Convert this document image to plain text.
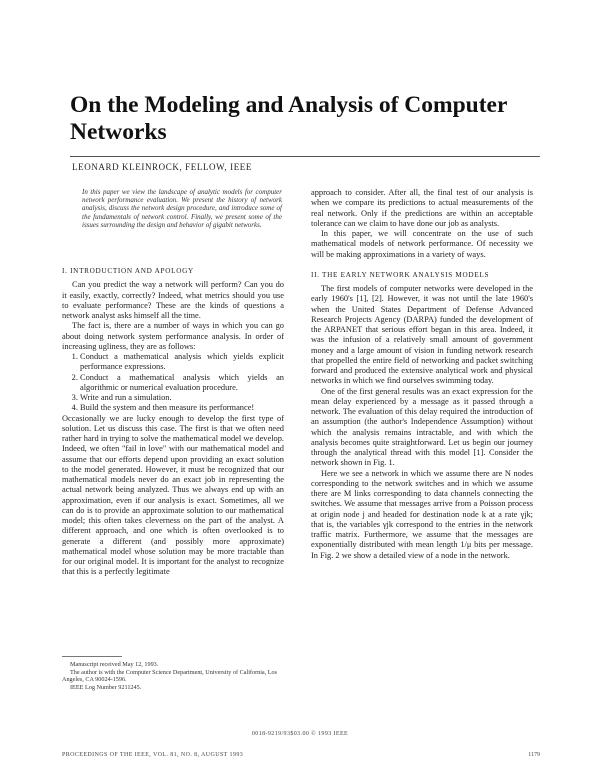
On the Modeling and Analysis of Computer Networks
LEONARD KLEINROCK, FELLOW, IEEE

In this paper we view the landscape of analytic models for computer network performance evaluation. We present the history of network analysis, discuss the network design procedure, and introduce some of the fundamentals of network control. Finally, we present some of the issues surrounding the design and behavior of gigabit networks.

I. INTRODUCTION AND APOLOGY

Can you predict the way a network will perform? Can you do it easily, exactly, correctly? Indeed, what metrics should you use to evaluate performance? These are the kinds of questions a network analyst asks himself all the time.

The fact is, there are a number of ways in which you can go about doing network system performance analysis. In order of increasing ugliness, they are as follows:

1. Conduct a mathematical analysis which yields explicit performance expressions.
2. Conduct a mathematical analysis which yields an algorithmic or numerical evaluation procedure.
3. Write and run a simulation.
4. Build the system and then measure its performance!

Occasionally we are lucky enough to develop the first type of solution. Let us discuss this case. The first is that we often need rather hard in trying to solve the mathematical model we develop. Indeed, we often "fail in love" with our mathematical model and assume that our efforts depend upon providing an exact solution to the model generated. However, it must be recognized that our mathematical models never do an exact job in representing the actual network being analyzed. Thus we always end up with an approximation, even if our analysis is exact. Sometimes, all we can do is to provide an approximate solution to our mathematical model; this often takes cleverness on the part of the analyst. A different approach, and one which is often overlooked is to generate a different (and possibly more approximate) mathematical model whose solution may be more tractable than for our original model. It is important for the analyst to recognize that this is a perfectly legitimate

Manuscript received May 12, 1993.

The author is with the Computer Science Department, University of California, Los Angeles, CA 90024-1596.

IEEE Log Number 9211245.

approach to consider. After all, the final test of our analysis is when we compare its predictions to actual measurements of the real network. Only if the predictions are within an acceptable tolerance can we claim to have done our job as analysts.

In this paper, we will concentrate on the use of such mathematical models of network performance. Of necessity we will be making approximations in a variety of ways.

II. THE EARLY NETWORK ANALYSIS MODELS

The first models of computer networks were developed in the early 1960's [1], [2]. However, it was not until the late 1960's when the United States Department of Defense Advanced Research Projects Agency (DARPA) funded the development of the ARPANET that serious effort began in this area. Indeed, it was the infusion of a relatively small amount of government money and a large amount of vision in funding network research that propelled the entire field of networking and packet switching forward and produced the extensive analytical work and physical networks in which we find ourselves swimming today.

One of the first general results was an exact expression for the mean delay experienced by a message as it passed through a network. The evaluation of this delay required the introduction of an assumption (the author's Independence Assumption) without which the analysis remains intractable, and with which the analysis becomes quite straightforward. Let us begin our journey through the analytical thread with this model [1]. Consider the network shown in Fig. 1.

Here we see a network in which we assume there are N nodes corresponding to the network switches and in which we assume there are M links corresponding to data channels connecting the switches. We assume that messages arrive from a Poisson process at origin node j and headed for destination node k at a rate γjk; that is, the variables γjk correspond to the entries in the network traffic matrix. Furthermore, we assume that the messages are exponentially distributed with mean length 1/μ bits per message. In Fig. 2 we show a detailed view of a node in the network.

0018-9219/93$03.00 © 1993 IEEE
PROCEEDINGS OF THE IEEE, VOL. 81, NO. 8, AUGUST 1993	1179
